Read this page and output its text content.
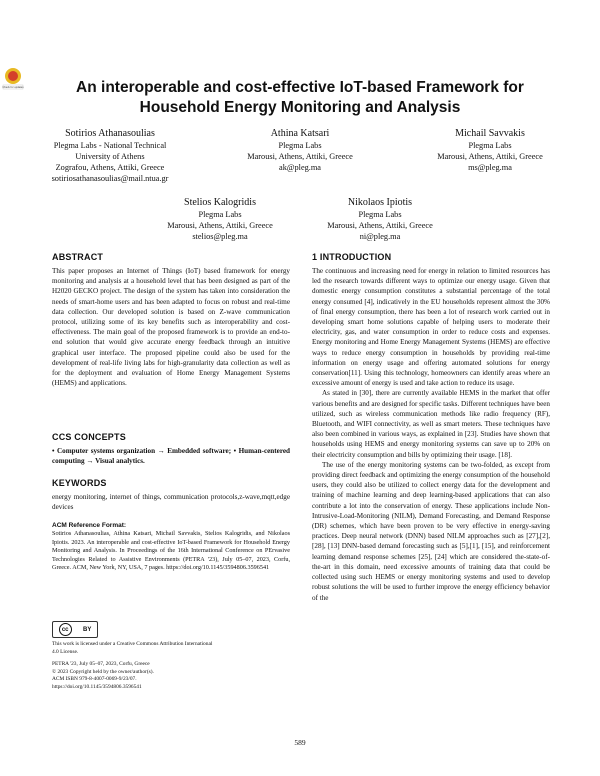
Check for updates	An interoperable and cost-effective IoT-based Framework for
Household Energy Monitoring and Analysis
Sotirios Athanasoulias
Plegma Labs - National Technical
University of Athens
Zografou, Athens, Attiki, Greece
sotiriosathanasoulias@mail.ntua.gr
Athina Katsari
Plegma Labs
Marousi, Athens, Attiki, Greece
ak@pleg.ma
Michail Savvakis
Plegma Labs
Marousi, Athens, Attiki, Greece
ms@pleg.ma
Stelios Kalogridis
Plegma Labs
Marousi, Athens, Attiki, Greece
stelios@pleg.ma
Nikolaos Ipiotis
Plegma Labs
Marousi, Athens, Attiki, Greece
ni@pleg.ma
ABSTRACT

This paper proposes an Internet of Things (IoT) based framework for energy monitoring and analysis at a household level that has been designed as part of the H2020 GECKO project. The design of the system has taken into consideration the needs of smart-home users and has been adapted to focus on robust and real-time data collection. Our developed solution is based on Z-wave communication protocol, utilizing some of its key benefits such as interoperability and cost-effectiveness. The main goal of the proposed framework is to provide an end-to-end solution that would give accurate energy feedback through an intuitive graphical user interface. The proposed pipeline could also be used for the development of real-life living labs for high-granularity data collection as well as for the deployment and evaluation of Home Energy Management Systems (HEMS) and applications.

CCS CONCEPTS
• Computer systems organization → Embedded software; • Human-centered computing → Visual analytics.
KEYWORDS
energy monitoring, internet of things, communication protocols,z-wave,mqtt,edge devices
ACM Reference Format:
Sotirios Athanasoulias, Athina Katsari, Michail Savvakis, Stelios Kalogridis, and Nikolaos Ipiotis. 2023. An interoperable and cost-effective IoT-based Framework for Household Energy Monitoring and Analysis. In Proceedings of the 16th International Conference on PErvasive Technologies Related to Assistive Environments (PETRA '23), July 05–07, 2023, Corfu, Greece. ACM, New York, NY, USA, 7 pages. https://doi.org/10.1145/3594806.3596541
cc	BY
This work is licensed under a Creative Commons Attribution International
4.0 License.
PETRA '23, July 05–07, 2023, Corfu, Greece
© 2023 Copyright held by the owner/author(s).
ACM ISBN 979-8-4007-0069-9/23/07.
https://doi.org/10.1145/3594806.3596541
1 INTRODUCTION

The continuous and increasing need for energy in relation to limited resources has led the research towards different ways to optimize our energy usage. Given that domestic energy consumption constitutes a substantial percentage of the total energy consumed [4], indicatively in the EU households represent almost the 30% of final energy consumption, there has been a lot of research work carried out in developing smart home solutions capable of helping users to moderate their electricity, gas, and water consumption in order to reduce costs and expenses. Energy monitoring and Home Energy Management Systems (HEMS) are effective ways to reduce energy consumption in households by providing real-time information on energy usage and offering automated solutions for energy conservation[11]. Using this technology, homeowners can identify areas where an excessive amount of energy is used and take action to reduce its usage.

As stated in [30], there are currently available HEMS in the market that offer various benefits and are designed for specific tasks. Different techniques have been utilized, such as wireless communication methods like radio frequency (RF), Bluetooth, and WIFI connectivity, as well as smart meters. These techniques have also been combined in various ways, as explained in [23]. Studies have shown that households using HEMS and energy monitoring systems can save up to 20% on their electricity consumption and bills by optimizing their usage. [18].

The use of the energy monitoring systems can be two-folded, as except from providing direct feedback and optimizing the energy consumption of the household users, they could also be utilized to collect energy data for the development and training of machine learning and deep learning-based applications that can also contribute a lot into the conservation of energy. These applications include Non-Intrusive-Load-Monitoring (NILM), Demand Forecasting, and Demand Response (DR) schemes, which have been proven to be very effective in energy-saving practices. Deep neural network (DNN) based NILM approaches such as [27],[2],[28], [13] DNN-based demand forecasting such as [5],[1], [15], and reinforcement learning demand response schemes [25], [24] which are considered the-state-of-the-art in this domain, need excessive amounts of training data that could be collected using such HEMS or energy monitoring systems and used to develop robust solutions the will be used to further improve the energy efficiency behavior of the

589
